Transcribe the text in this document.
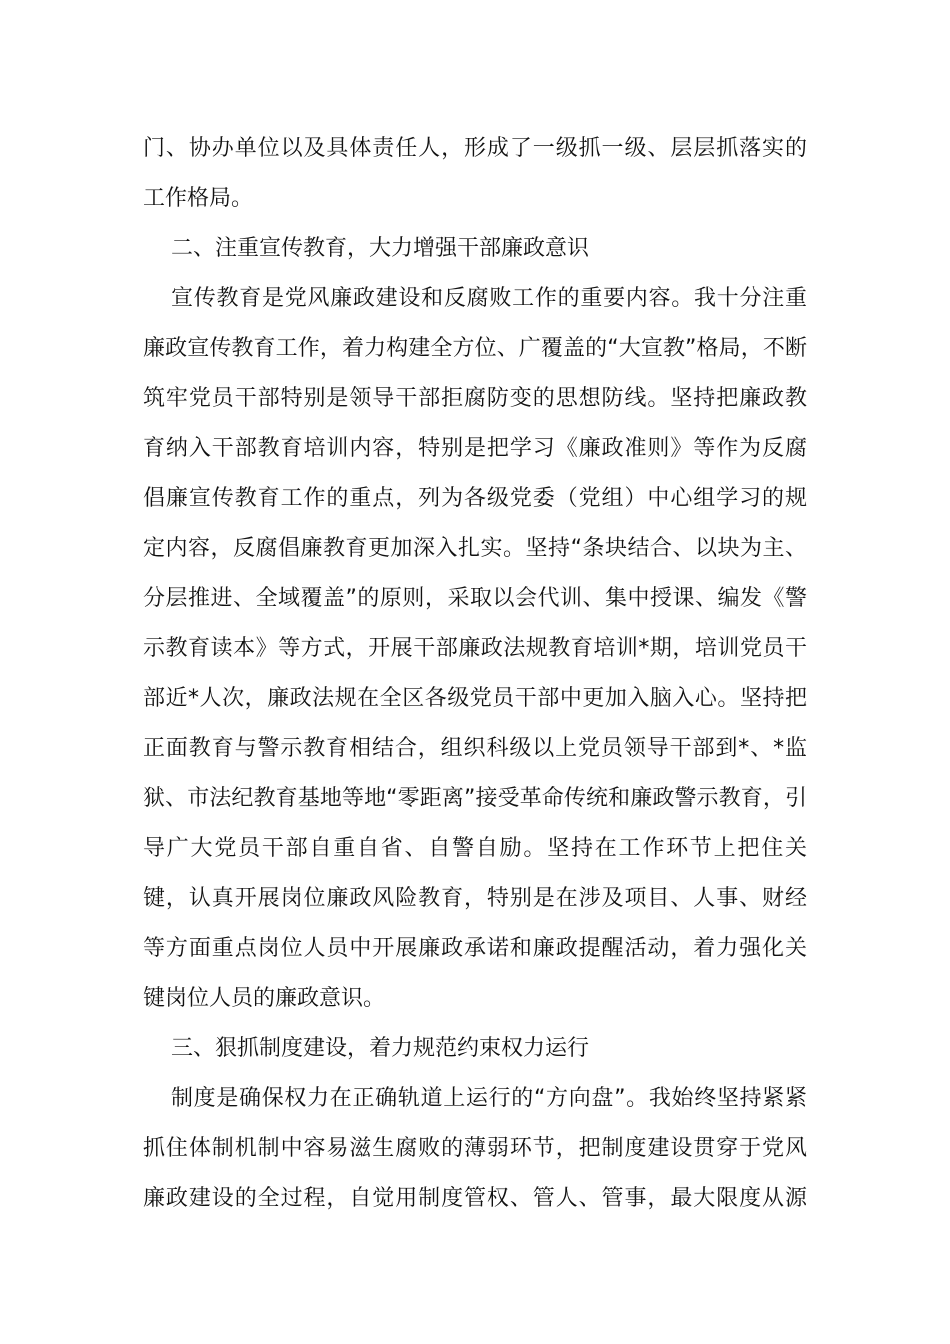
门、协办单位以及具体责任人，形成了一级抓一级、层层抓落实的
工作格局。
二、注重宣传教育，大力增强干部廉政意识
宣传教育是党风廉政建设和反腐败工作的重要内容。我十分注重
廉政宣传教育工作，着力构建全方位、广覆盖的“大宣教”格局，不断
筑牢党员干部特别是领导干部拒腐防变的思想防线。坚持把廉政教
育纳入干部教育培训内容，特别是把学习《廉政准则》等作为反腐
倡廉宣传教育工作的重点，列为各级党委（党组）中心组学习的规
定内容，反腐倡廉教育更加深入扎实。坚持“条块结合、以块为主、
分层推进、全域覆盖”的原则，采取以会代训、集中授课、编发《警
示教育读本》等方式，开展干部廉政法规教育培训*期，培训党员干
部近*人次，廉政法规在全区各级党员干部中更加入脑入心。坚持把
正面教育与警示教育相结合，组织科级以上党员领导干部到*、*监
狱、市法纪教育基地等地“零距离”接受革命传统和廉政警示教育，引
导广大党员干部自重自省、自警自励。坚持在工作环节上把住关
键，认真开展岗位廉政风险教育，特别是在涉及项目、人事、财经
等方面重点岗位人员中开展廉政承诺和廉政提醒活动，着力强化关
键岗位人员的廉政意识。
三、狠抓制度建设，着力规范约束权力运行
制度是确保权力在正确轨道上运行的“方向盘”。我始终坚持紧紧
抓住体制机制中容易滋生腐败的薄弱环节，把制度建设贯穿于党风
廉政建设的全过程，自觉用制度管权、管人、管事，最大限度从源
